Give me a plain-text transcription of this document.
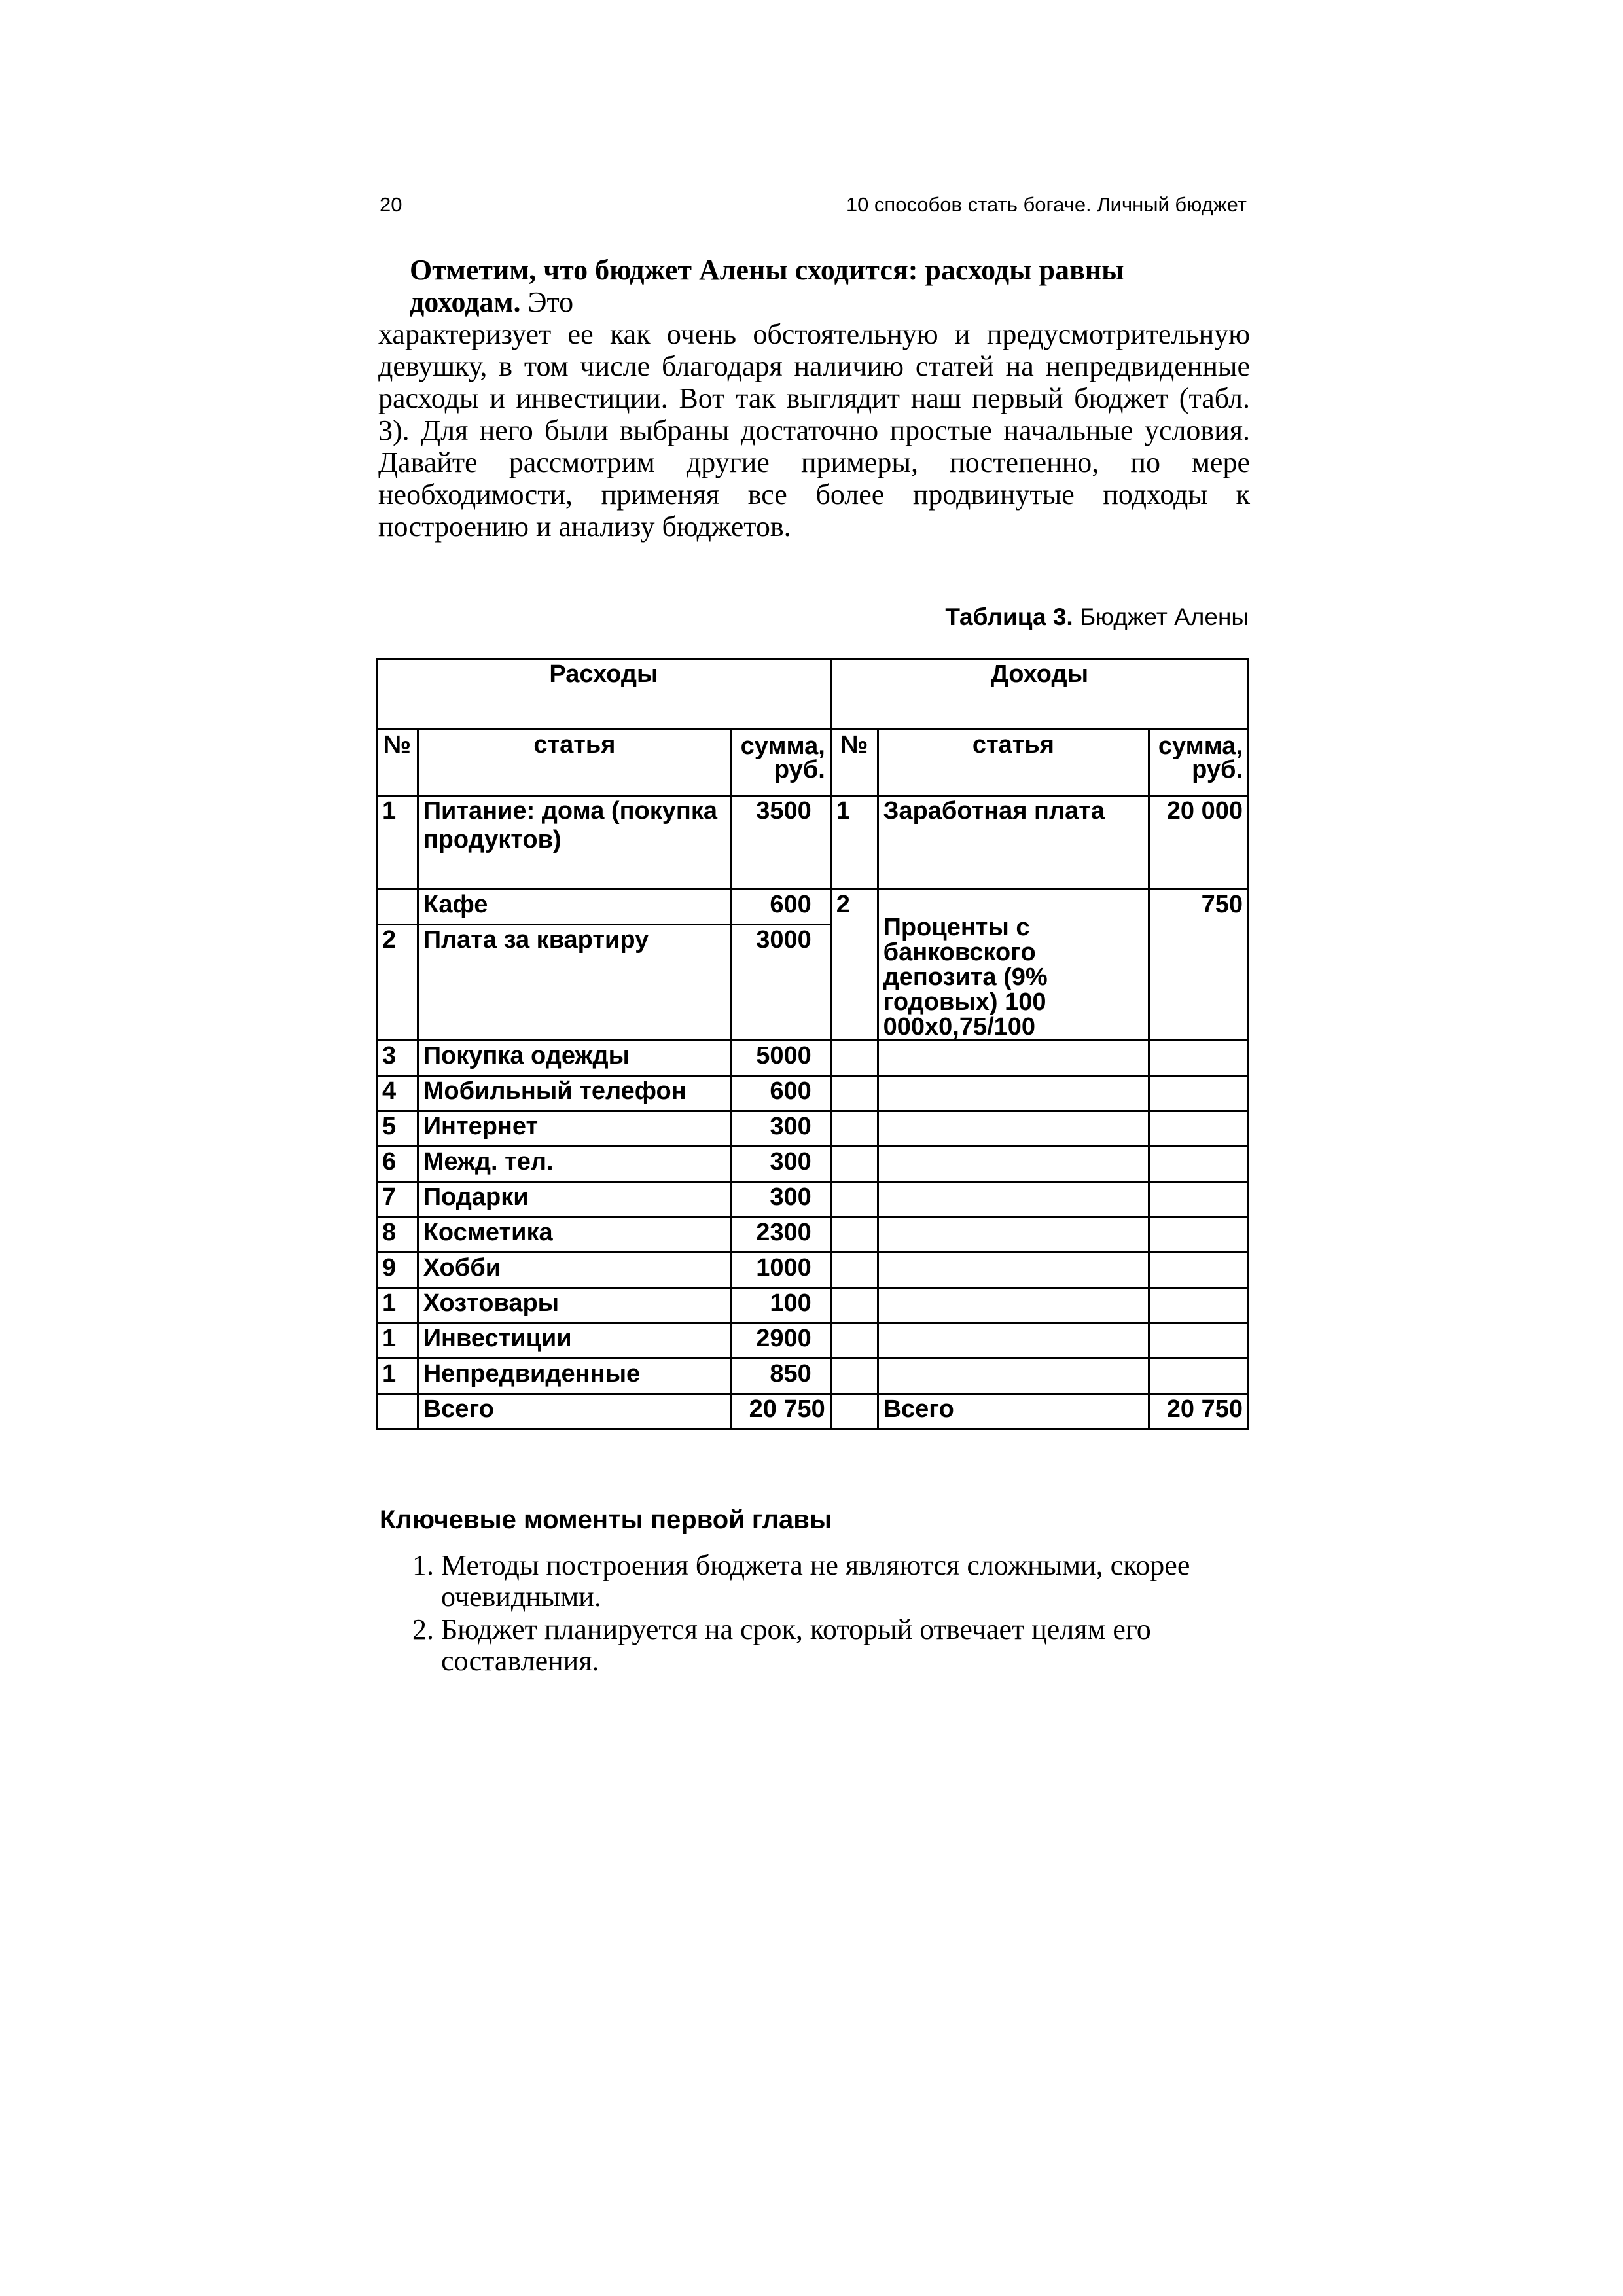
20	10 способов стать богаче. Личный бюджет
Отметим, что бюджет Алены сходится: расходы равны доходам. Это
характеризует ее как очень обстоятельную и предусмотрительную девушку, в том числе благодаря наличию статей на непредвиденные расходы и инвестиции. Вот так выглядит наш первый бюджет (табл. 3). Для него были выбраны достаточно простые начальные условия. Давайте рассмотрим другие примеры, постепенно, по мере необходимости, применяя все более продвинутые подходы к построению и анализу бюджетов.
Таблица 3. Бюджет Алены
Расходы			Доходы		
№	статья	сумма, руб.	№	статья	сумма, руб.
1	Питание: дома (покупка продуктов)	3500	1	Заработная плата	20 000
	Кафе	600	2	Проценты с банковского депозита (9% годовых) 100 000х0,75/100	750
2	Плата за квартиру	3000			
3	Покупка одежды	5000			
4	Мобильный телефон	600			
5	Интернет	300			
6	Межд. тел.	300			
7	Подарки	300			
8	Косметика	2300			
9	Хобби	1000			
1	Хозтовары	100			
1	Инвестиции	2900			
1	Непредвиденные	850			
	Всего	20 750		Всего	20 750
Ключевые моменты первой главы
1. Методы построения бюджета не являются сложными, скорее очевидными.
2. Бюджет планируется на срок, который отвечает целям его составления.
